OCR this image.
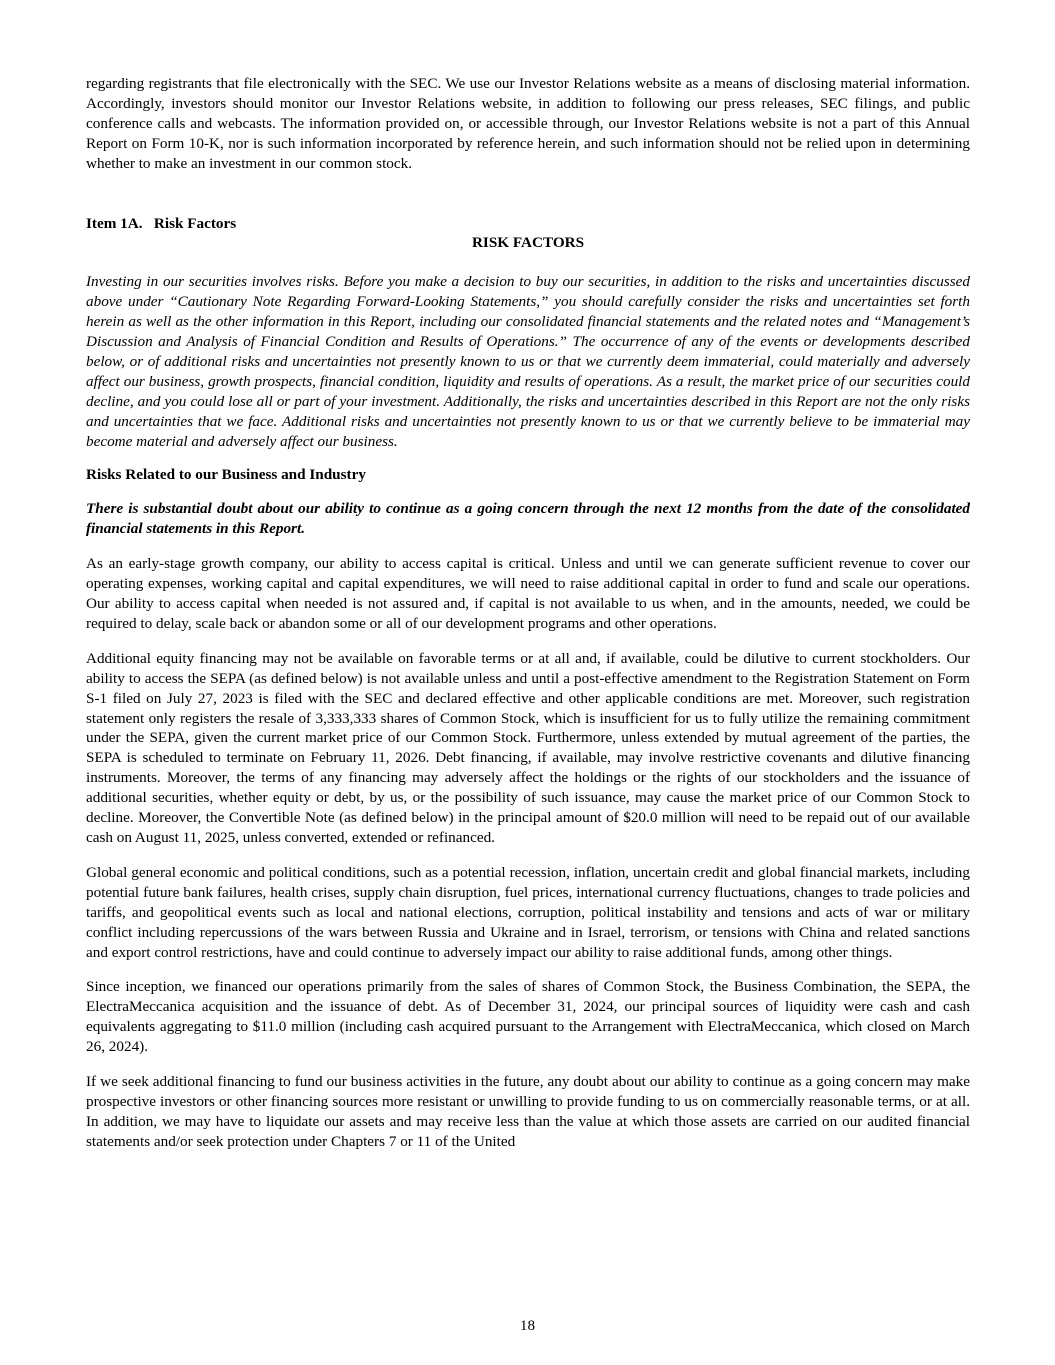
regarding registrants that file electronically with the SEC. We use our Investor Relations website as a means of disclosing material information. Accordingly, investors should monitor our Investor Relations website, in addition to following our press releases, SEC filings, and public conference calls and webcasts. The information provided on, or accessible through, our Investor Relations website is not a part of this Annual Report on Form 10-K, nor is such information incorporated by reference herein, and such information should not be relied upon in determining whether to make an investment in our common stock.

Item 1A.   Risk Factors

RISK FACTORS

Investing in our securities involves risks. Before you make a decision to buy our securities, in addition to the risks and uncertainties discussed above under “Cautionary Note Regarding Forward-Looking Statements,” you should carefully consider the risks and uncertainties set forth herein as well as the other information in this Report, including our consolidated financial statements and the related notes and “Management’s Discussion and Analysis of Financial Condition and Results of Operations.” The occurrence of any of the events or developments described below, or of additional risks and uncertainties not presently known to us or that we currently deem immaterial, could materially and adversely affect our business, growth prospects, financial condition, liquidity and results of operations. As a result, the market price of our securities could decline, and you could lose all or part of your investment. Additionally, the risks and uncertainties described in this Report are not the only risks and uncertainties that we face. Additional risks and uncertainties not presently known to us or that we currently believe to be immaterial may become material and adversely affect our business.

Risks Related to our Business and Industry

There is substantial doubt about our ability to continue as a going concern through the next 12 months from the date of the consolidated financial statements in this Report.

As an early-stage growth company, our ability to access capital is critical. Unless and until we can generate sufficient revenue to cover our operating expenses, working capital and capital expenditures, we will need to raise additional capital in order to fund and scale our operations. Our ability to access capital when needed is not assured and, if capital is not available to us when, and in the amounts, needed, we could be required to delay, scale back or abandon some or all of our development programs and other operations.

Additional equity financing may not be available on favorable terms or at all and, if available, could be dilutive to current stockholders. Our ability to access the SEPA (as defined below) is not available unless and until a post-effective amendment to the Registration Statement on Form S-1 filed on July 27, 2023 is filed with the SEC and declared effective and other applicable conditions are met. Moreover, such registration statement only registers the resale of 3,333,333 shares of Common Stock, which is insufficient for us to fully utilize the remaining commitment under the SEPA, given the current market price of our Common Stock. Furthermore, unless extended by mutual agreement of the parties, the SEPA is scheduled to terminate on February 11, 2026. Debt financing, if available, may involve restrictive covenants and dilutive financing instruments. Moreover, the terms of any financing may adversely affect the holdings or the rights of our stockholders and the issuance of additional securities, whether equity or debt, by us, or the possibility of such issuance, may cause the market price of our Common Stock to decline. Moreover, the Convertible Note (as defined below) in the principal amount of $20.0 million will need to be repaid out of our available cash on August 11, 2025, unless converted, extended or refinanced.

Global general economic and political conditions, such as a potential recession, inflation, uncertain credit and global financial markets, including potential future bank failures, health crises, supply chain disruption, fuel prices, international currency fluctuations, changes to trade policies and tariffs, and geopolitical events such as local and national elections, corruption, political instability and tensions and acts of war or military conflict including repercussions of the wars between Russia and Ukraine and in Israel, terrorism, or tensions with China and related sanctions and export control restrictions, have and could continue to adversely impact our ability to raise additional funds, among other things.

Since inception, we financed our operations primarily from the sales of shares of Common Stock, the Business Combination, the SEPA, the ElectraMeccanica acquisition and the issuance of debt. As of December 31, 2024, our principal sources of liquidity were cash and cash equivalents aggregating to $11.0 million (including cash acquired pursuant to the Arrangement with ElectraMeccanica, which closed on March 26, 2024).

If we seek additional financing to fund our business activities in the future, any doubt about our ability to continue as a going concern may make prospective investors or other financing sources more resistant or unwilling to provide funding to us on commercially reasonable terms, or at all. In addition, we may have to liquidate our assets and may receive less than the value at which those assets are carried on our audited financial statements and/or seek protection under Chapters 7 or 11 of the United

18
